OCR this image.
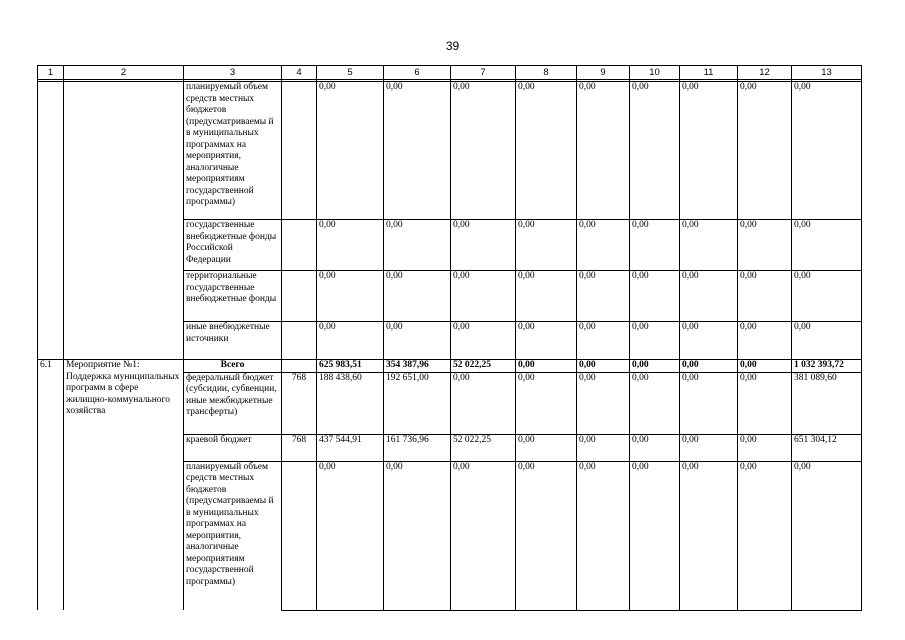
39
1	2	3	4	5	6	7	8	9	10	11	12	13

		планируемый объем средств местных бюджетов (предусматриваемы й в муниципальных программах на мероприятия, аналогичные мероприятиям государственной программы)		0,00	0,00	0,00	0,00	0,00	0,00	0,00	0,00	0,00
		государственные внебюджетные фонды Российской Федерации		0,00	0,00	0,00	0,00	0,00	0,00	0,00	0,00	0,00
		территориальные государственные внебюджетные фонды		0,00	0,00	0,00	0,00	0,00	0,00	0,00	0,00	0,00
		иные внебюджетные источники		0,00	0,00	0,00	0,00	0,00	0,00	0,00	0,00	0,00
6.1	Мероприятие №1: Поддержка муниципальных программ в сфере жилищно-коммунального хозяйства	Всего		625 983,51	354 387,96	52 022,25	0,00	0,00	0,00	0,00	0,00	1 032 393,72
		федеральный бюджет (субсидии, субвенции, иные межбюджетные трансферты)	768	188 438,60	192 651,00	0,00	0,00	0,00	0,00	0,00	0,00	381 089,60
		краевой бюджет	768	437 544,91	161 736,96	52 022,25	0,00	0,00	0,00	0,00	0,00	651 304,12
		планируемый объем средств местных бюджетов (предусматриваемы й в муниципальных программах на мероприятия, аналогичные мероприятиям государственной программы)		0,00	0,00	0,00	0,00	0,00	0,00	0,00	0,00	0,00
